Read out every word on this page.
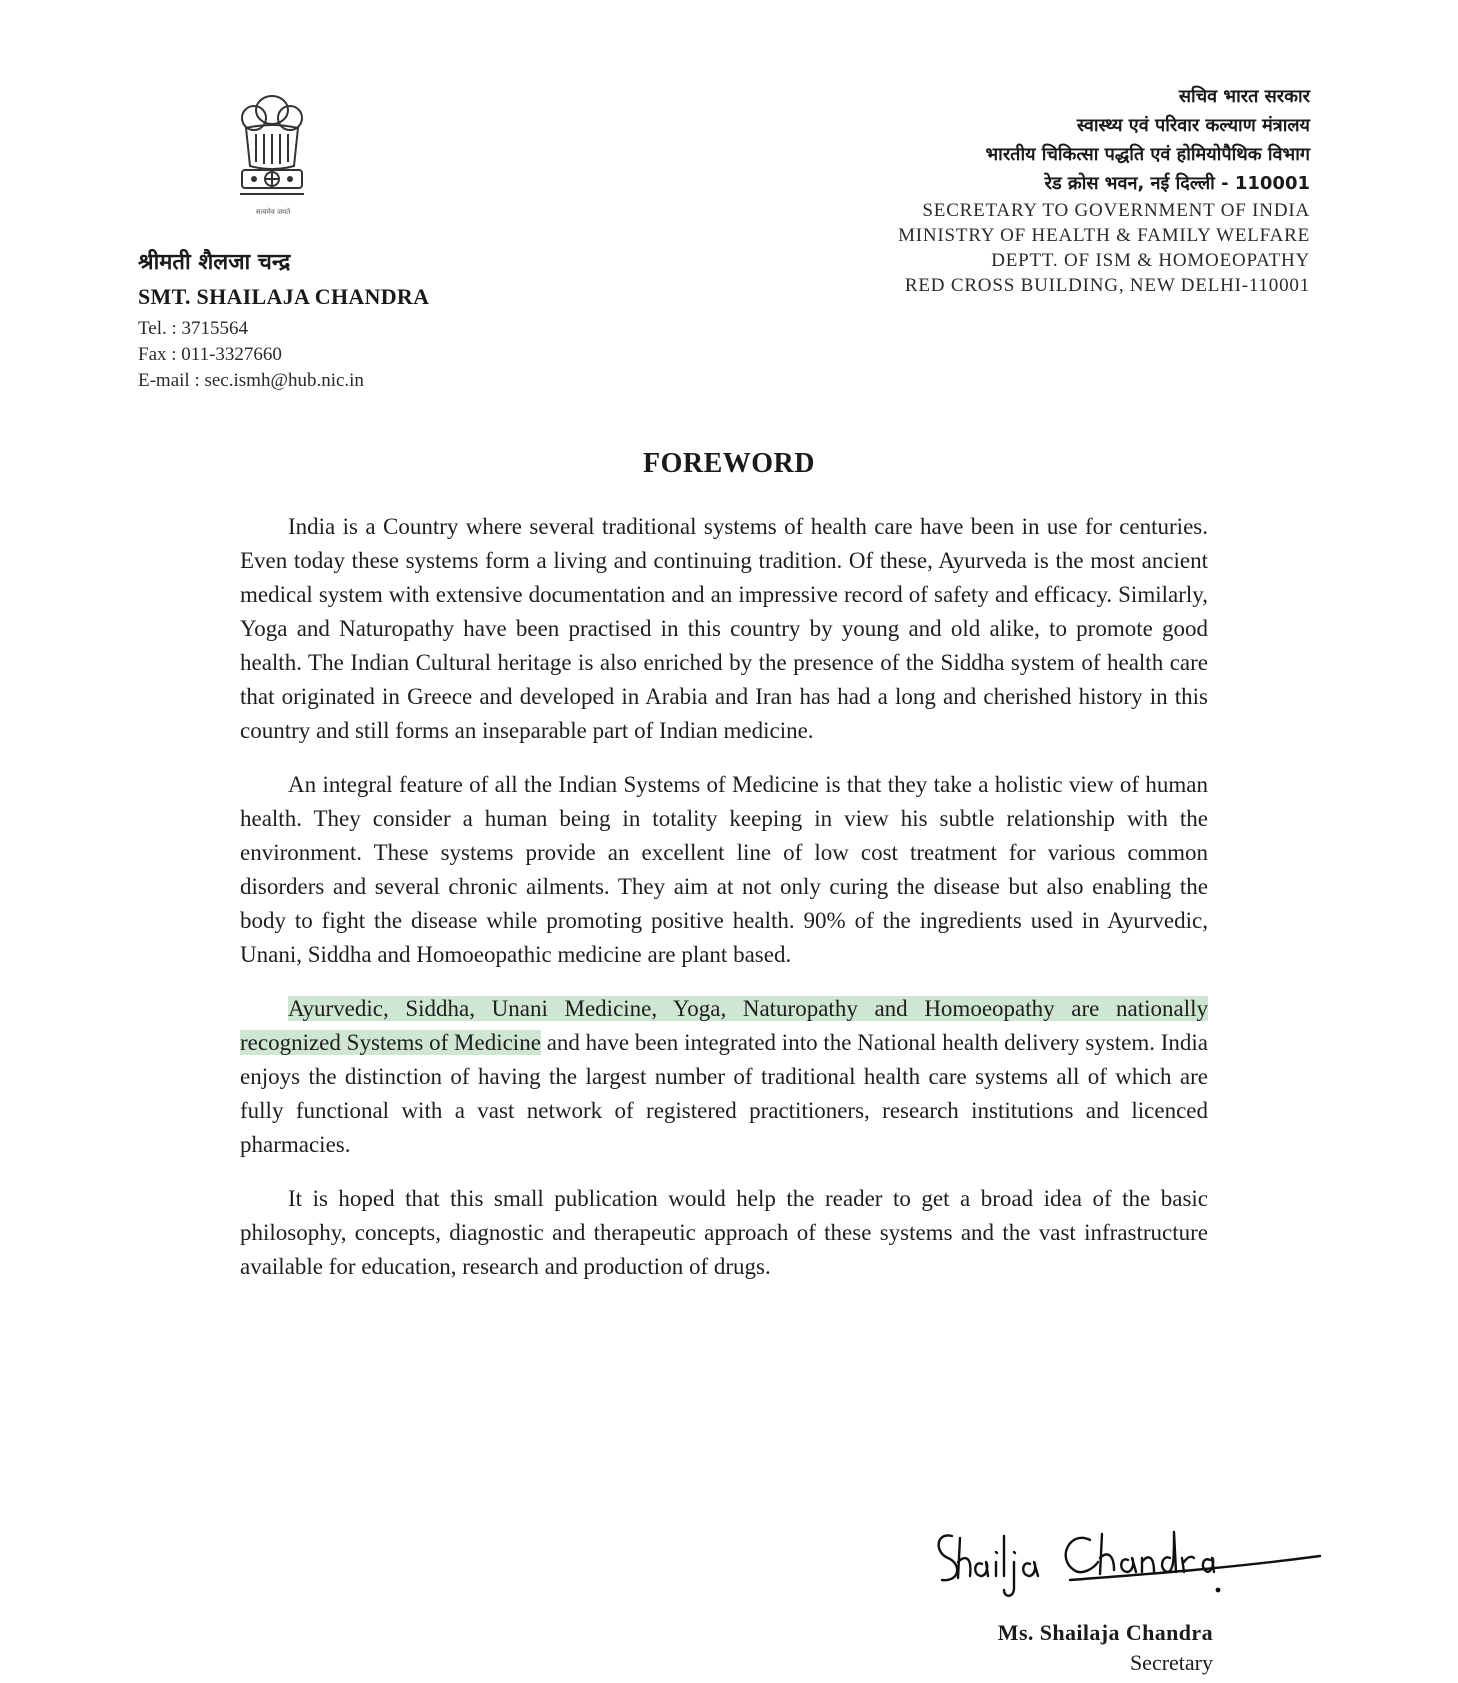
सत्यमेव जयते

श्रीमती शैलजा चन्द्र

SMT. SHAILAJA CHANDRA

Tel. : 3715564
Fax : 011-3327660
E-mail : sec.ismh@hub.nic.in
सचिव भारत सरकार
स्वास्थ्य एवं परिवार कल्याण मंत्रालय
भारतीय चिकित्सा पद्धति एवं होमियोपैथिक विभाग
रेड क्रोस भवन, नई दिल्ली - 110001
SECRETARY TO GOVERNMENT OF INDIA
MINISTRY OF HEALTH & FAMILY WELFARE
DEPTT. OF ISM & HOMOEOPATHY
RED CROSS BUILDING, NEW DELHI-110001
FOREWORD

India is a Country where several traditional systems of health care have been in use for centuries. Even today these systems form a living and continuing tradition. Of these, Ayurveda is the most ancient medical system with extensive documentation and an impressive record of safety and efficacy. Similarly, Yoga and Naturopathy have been practised in this country by young and old alike, to promote good health. The Indian Cultural heritage is also enriched by the presence of the Siddha system of health care that originated in Greece and developed in Arabia and Iran has had a long and cherished history in this country and still forms an inseparable part of Indian medicine.

An integral feature of all the Indian Systems of Medicine is that they take a holistic view of human health. They consider a human being in totality keeping in view his subtle relationship with the environment. These systems provide an excellent line of low cost treatment for various common disorders and several chronic ailments. They aim at not only curing the disease but also enabling the body to fight the disease while promoting positive health. 90% of the ingredients used in Ayurvedic, Unani, Siddha and Homoeopathic medicine are plant based.

Ayurvedic, Siddha, Unani Medicine, Yoga, Naturopathy and Homoeopathy are nationally recognized Systems of Medicine and have been integrated into the National health delivery system. India enjoys the distinction of having the largest number of traditional health care systems all of which are fully functional with a vast network of registered practitioners, research institutions and licenced pharmacies.

It is hoped that this small publication would help the reader to get a broad idea of the basic philosophy, concepts, diagnostic and therapeutic approach of these systems and the vast infrastructure available for education, research and production of drugs.

Ms. Shailaja Chandra

Secretary
